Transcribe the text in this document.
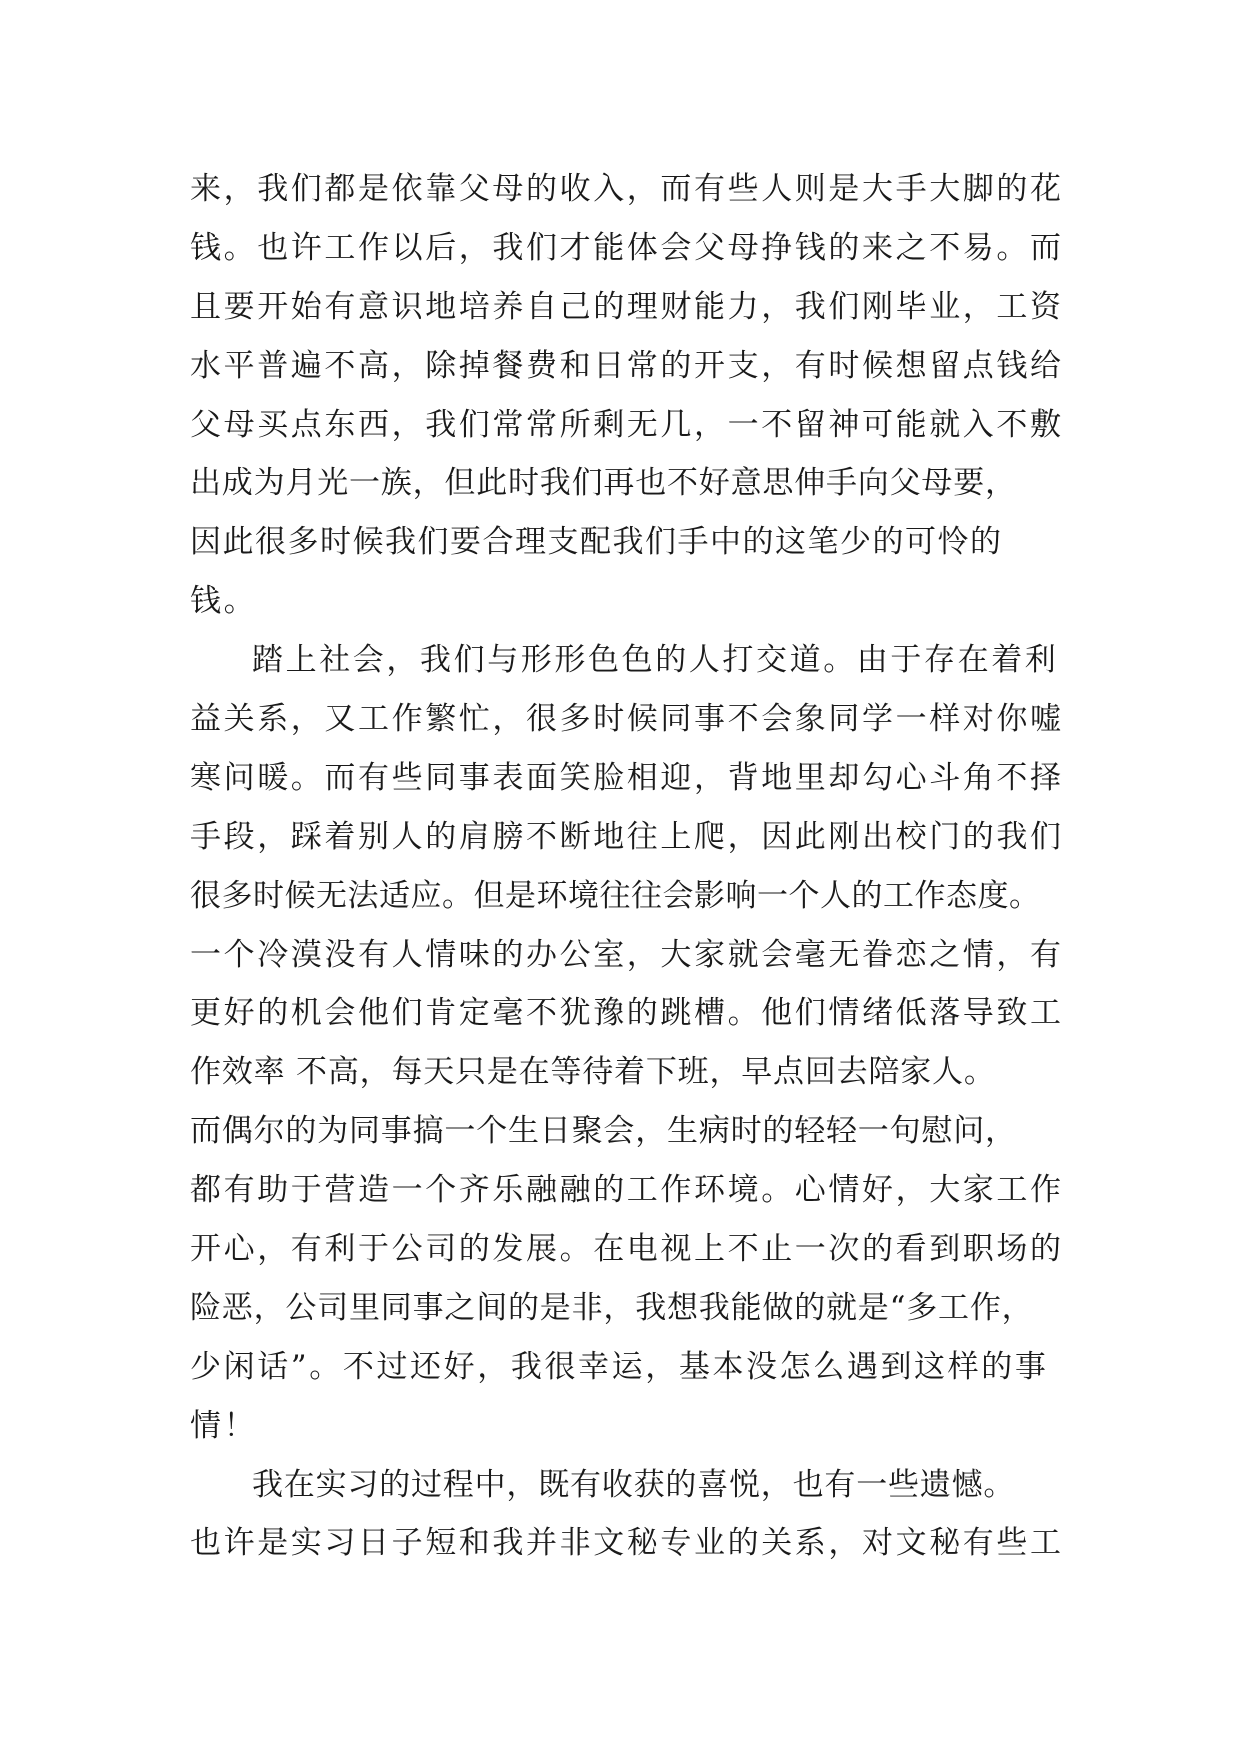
来，我们都是依靠父母的收入，而有些人则是大手大脚的花
钱。也许工作以后，我们才能体会父母挣钱的来之不易。而
且要开始有意识地培养自己的理财能力，我们刚毕业，工资
水平普遍不高，除掉餐费和日常的开支，有时候想留点钱给
父母买点东西，我们常常所剩无几，一不留神可能就入不敷
出成为月光一族，但此时我们再也不好意思伸手向父母要，
因此很多时候我们要合理支配我们手中的这笔少的可怜的
钱。
踏上社会，我们与形形色色的人打交道。由于存在着利
益关系，又工作繁忙，很多时候同事不会象同学一样对你嘘
寒问暖。而有些同事表面笑脸相迎，背地里却勾心斗角不择
手段，踩着别人的肩膀不断地往上爬，因此刚出校门的我们
很多时候无法适应。但是环境往往会影响一个人的工作态度。
一个冷漠没有人情味的办公室，大家就会毫无眷恋之情，有
更好的机会他们肯定毫不犹豫的跳槽。他们情绪低落导致工
作效率 不高，每天只是在等待着下班，早点回去陪家人。
而偶尔的为同事搞一个生日聚会，生病时的轻轻一句慰问，
都有助于营造一个齐乐融融的工作环境。心情好，大家工作
开心，有利于公司的发展。在电视上不止一次的看到职场的
险恶，公司里同事之间的是非，我想我能做的就是“多工作，
少闲话”。不过还好，我很幸运，基本没怎么遇到这样的事
情！
我在实习的过程中，既有收获的喜悦，也有一些遗憾。
也许是实习日子短和我并非文秘专业的关系，对文秘有些工
